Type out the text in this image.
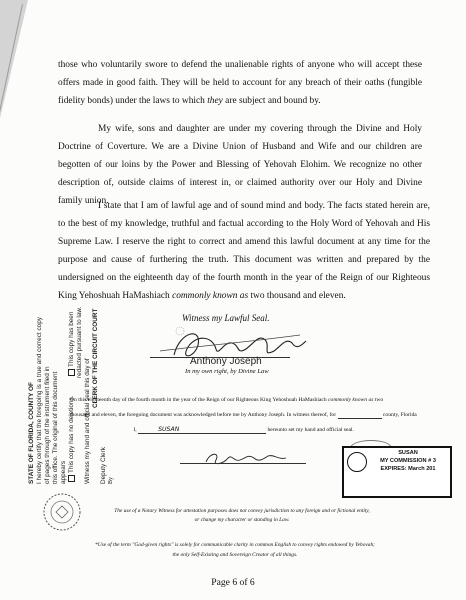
those who voluntarily swore to defend the unalienable rights of anyone who will accept these offers made in good faith. They will be held to account for any breach of their oaths (fungible fidelity bonds) under the laws to which they are subject and bound by.
My wife, sons and daughter are under my covering through the Divine and Holy Doctrine of Coverture. We are a Divine Union of Husband and Wife and our children are begotten of our loins by the Power and Blessing of Yehovah Elohim. We recognize no other description of, outside claims of interest in, or claimed authority over our Holy and Divine family union.
I state that I am of lawful age and of sound mind and body. The facts stated herein are, to the best of my knowledge, truthful and factual according to the Holy Word of Yehovah and His Supreme Law. I reserve the right to correct and amend this lawful document at any time for the purpose and cause of furthering the truth. This document was written and prepared by the undersigned on the eighteenth day of the fourth month in the year of the Reign of our Righteous King Yehoshuah HaMashiach commonly known as two thousand and eleven.
STATE OF FLORIDA, COUNTY OF I hereby certify that the foregoing is a true and correct copy of pages through of the instrument filed in this office. The original of this document appears This copy has no deletions.
This copy has been redacted pursuant to law.
Witness my hand and official seal this day of
CLERK OF THE CIRCUIT COURT
Deputy Clerk
Witness my Lawful Seal.
Anthony Joseph
In my own right, by Divine Law
On this eighteenth day of the fourth month in the year of the Reign of our Righteous King Yehoshuah HaMashiach commonly known as two
thousand and eleven, the foregoing document was acknowledged before me by Anthony Joseph. In witness thereof, for	county, Florida
I,	SUSAN	hereunto set my hand and official seal.
By
SUSAN
MY COMMISSION # 3
EXPIRES: March 201
The use of a Notary Witness for attestation purposes does not convey jurisdiction to any foreign and or fictional entity,
or change my character or standing in Law.
*Use of the term "God-given rights" is solely for communicable clarity in common English to convey rights endowed by Yehovah;
the only Self-Existing and Sovereign Creator of all things.
Page 6 of 6
